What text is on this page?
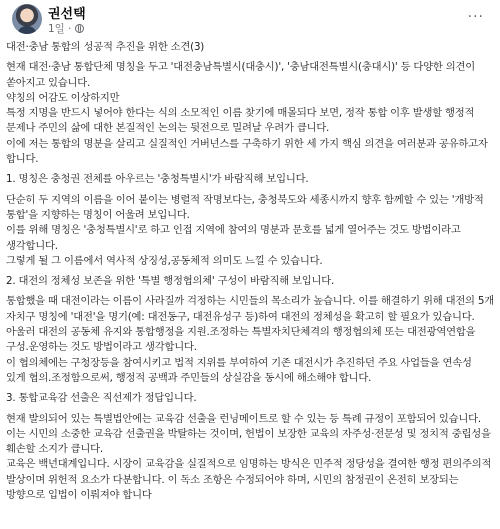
권선택
1일 ·
···

대전·충남 통합의 성공적 추진을 위한 소견(3)

현재 대전·충남 통합단체 명칭을 두고 '대전충남특별시(대충시)', '충남대전특별시(충대시)' 등 다양한 의견이 쏟아지고 있습니다.

약칭의 어감도 이상하지만

특정 지명을 반드시 넣어야 한다는 식의 소모적인 이름 찾기에 매몰되다 보면, 정작 통합 이후 발생할 행정적 문제나 주민의 삶에 대한 본질적인 논의는 뒷전으로 밀려날 우려가 큽니다.

이에 저는 통합의 명분을 살리고 실질적인 거버넌스를 구축하기 위한 세 가지 핵심 의견을 여러분과 공유하고자 합니다.

1. 명칭은 충청권 전체를 아우르는 '충청특별시'가 바람직해 보입니다.

단순히 두 지역의 이름을 이어 붙이는 병렬적 작명보다는, 충청북도와 세종시까지 향후 함께할 수 있는 '개방적 통합'을 지향하는 명칭이 어울려 보입니다.

이를 위해 명칭은 '충청특별시'로 하고 인접 지역에 참여의 명분과 문호를 넓게 열어주는 것도 방법이라고 생각합니다.

그렇게 될 그 이름에서 역사적 상징성,공동체적 의미도 느낄 수 있습니다.

2. 대전의 정체성 보존을 위한 '특별 행정협의체' 구성이 바람직해 보입니다.

통합했을 때 대전이라는 이름이 사라질까 걱정하는 시민들의 목소리가 높습니다. 이를 해결하기 위해 대전의 5개 자치구 명칭에 '대전'을 명기(예: 대전동구, 대전유성구 등)하여 대전의 정체성을 확고히 할 필요가 있습니다.

아울러 대전의 공동체 유지와 통합행정을 지원.조정하는 특별자치단체격의 행정협의체 또는 대전광역연합을 구성.운영하는 것도 방법이라고 생각합니다.

이 협의체에는 구청장등을 참여시키고 법적 지위를 부여하여 기존 대전시가 추진하던 주요 사업들을 연속성 있게 협의.조정함으로써, 행정적 공백과 주민들의 상실감을 동시에 해소해야 합니다.

3. 통합교육감 선출은 직선제가 정답입니다.

현재 발의되어 있는 특별법안에는 교육감 선출을 런닝메이트로 할 수 있는 등 특례 규정이 포함되어 있습니다.

이는 시민의 소중한 교육감 선출권을 박탈하는 것이며, 헌법이 보장한 교육의 자주성·전문성 및 정치적 중립성을 훼손할 소지가 큽니다.

교육은 백년대계입니다. 시장이 교육감을 실질적으로 임명하는 방식은 민주적 정당성을 결여한 행정 편의주의적 발상이며 위헌적 요소가 다분합니다. 이 독소 조항은 수정되어야 하며, 시민의 참정권이 온전히 보장되는 방향으로 입법이 이뤄져야 합니다
